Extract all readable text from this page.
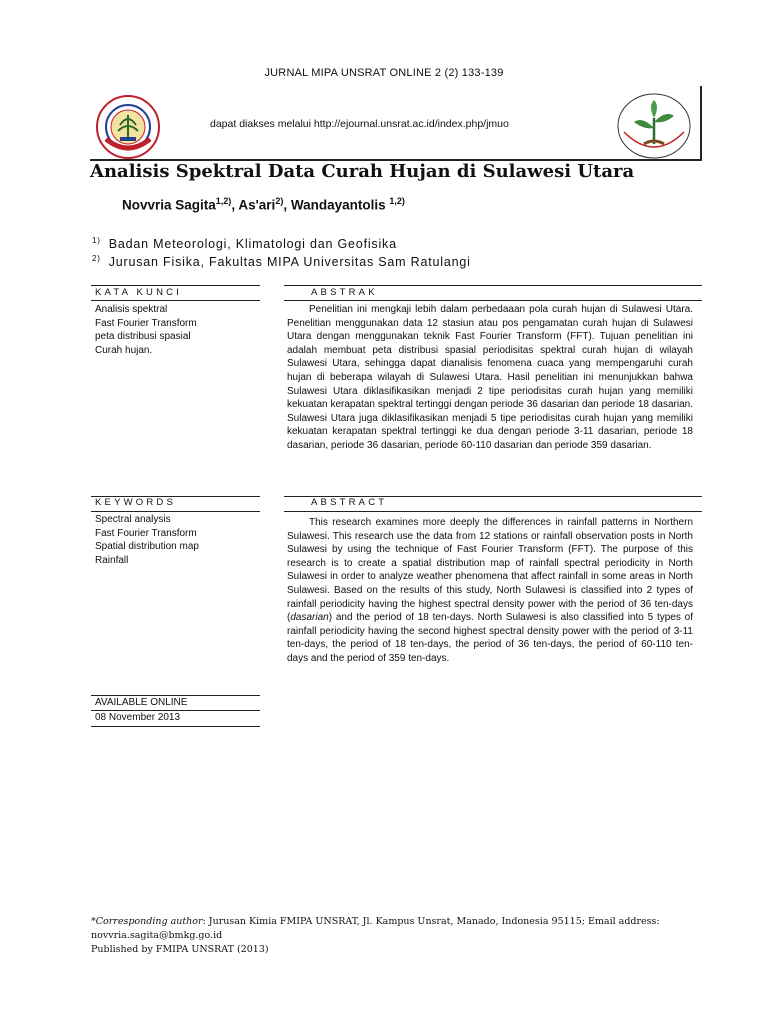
JURNAL MIPA UNSRAT ONLINE 2 (2) 133-139
dapat diakses melalui http://ejournal.unsrat.ac.id/index.php/jmuo
Analisis Spektral Data Curah Hujan di Sulawesi Utara
Novvria Sagita$^{1,2)}$, As'ari$^{2)}$, Wandayantolis $^{1,2)}$
$^{1)}$ Badan Meteorologi, Klimatologi dan Geofisika
$^{2)}$ Jurusan Fisika, Fakultas MIPA Universitas Sam Ratulangi
KATA KUNCI	ABSTRAK
Analisis spektral
Fast Fourier Transform
peta distribusi spasial
Curah hujan.

Penelitian ini mengkaji lebih dalam perbedaaan pola curah hujan di Sulawesi Utara. Penelitian menggunakan data 12 stasiun atau pos pengamatan curah hujan di Sulawesi Utara dengan menggunakan teknik Fast Fourier Transform (FFT). Tujuan penelitian ini adalah membuat peta distribusi spasial periodisitas spektral curah hujan di wilayah Sulawesi Utara, sehingga dapat dianalisis fenomena cuaca yang mempengaruhi curah hujan di beberapa wilayah di Sulawesi Utara. Hasil penelitian ini menunjukkan bahwa Sulawesi Utara diklasifikasikan menjadi 2 tipe periodisitas curah hujan yang memiliki kekuatan kerapatan spektral tertinggi dengan periode 36 dasarian dan periode 18 dasarian. Sulawesi Utara juga diklasifikasikan menjadi 5 tipe periodisitas curah hujan yang memiliki kekuatan kerapatan spektral tertinggi ke dua dengan periode 3-11 dasarian, periode 18 dasarian, periode 36 dasarian, periode 60-110 dasarian dan periode 359 dasarian.

KEYWORDS	ABSTRACT
Spectral analysis
Fast Fourier Transform
Spatial distribution map
Rainfall

This research examines more deeply the differences in rainfall patterns in Northern Sulawesi. This research use the data from 12 stations or rainfall observation posts in North Sulawesi by using the technique of Fast Fourier Transform (FFT). The purpose of this research is to create a spatial distribution map of rainfall spectral periodicity in North Sulawesi in order to analyze weather phenomena that affect rainfall in some areas in North Sulawesi. Based on the results of this study, North Sulawesi is classified into 2 types of rainfall periodicity having the highest spectral density power with the period of 36 ten-days (dasarian) and the period of 18 ten-days. North Sulawesi is also classified into 5 types of rainfall periodicity having the second highest spectral density power with the period of 3-11 ten-days, the period of 18 ten-days, the period of 36 ten-days, the period of 60-110 ten-days and the period of 359 ten-days.

AVAILABLE ONLINE
08 November 2013
*Corresponding author: Jurusan Kimia FMIPA UNSRAT, Jl. Kampus Unsrat, Manado, Indonesia 95115; Email address:
novvria.sagita@bmkg.go.id
Published by FMIPA UNSRAT (2013)
